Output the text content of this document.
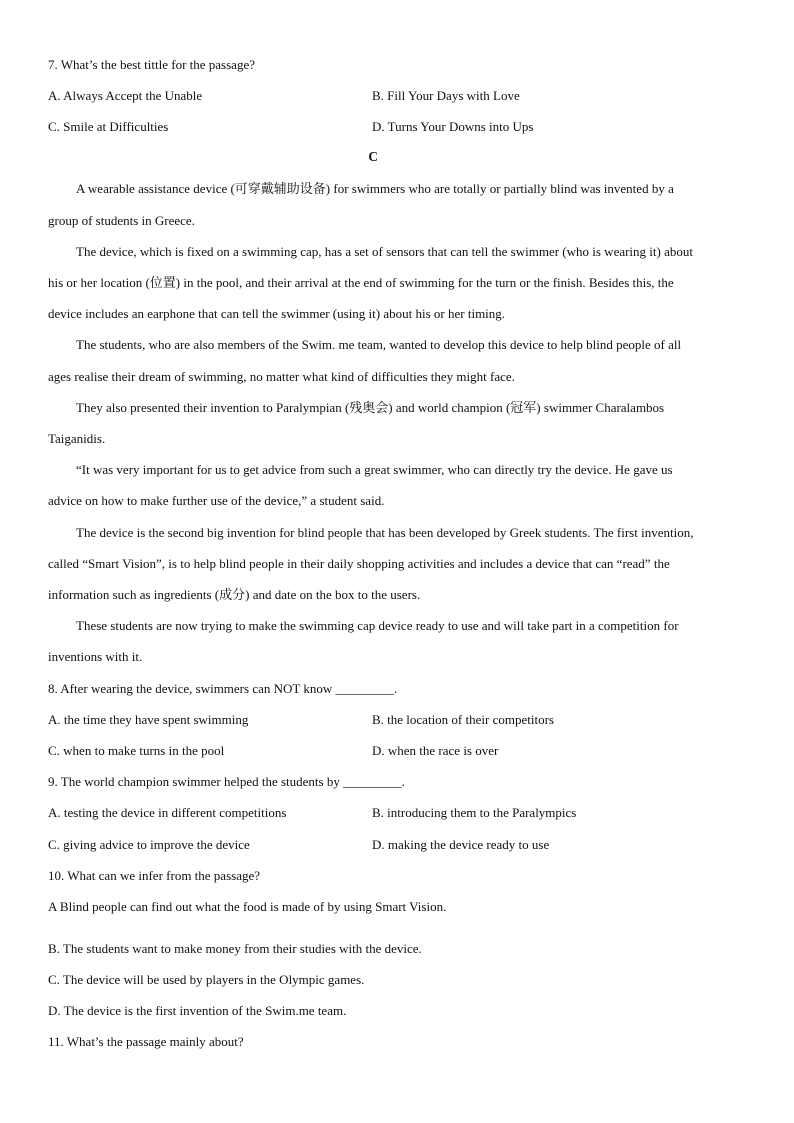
7. What’s the best tittle for the passage?
A. Always Accept the Unable	B. Fill Your Days with Love
C. Smile at Difficulties	D. Turns Your Downs into Ups
C
A wearable assistance device (可穿戴辅助设备) for swimmers who are totally or partially blind was invented by a
group of students in Greece.
The device, which is fixed on a swimming cap, has a set of sensors that can tell the swimmer (who is wearing it) about
his or her location (位置) in the pool, and their arrival at the end of swimming for the turn or the finish. Besides this, the
device includes an earphone that can tell the swimmer (using it) about his or her timing.
The students, who are also members of the Swim. me team, wanted to develop this device to help blind people of all
ages realise their dream of swimming, no matter what kind of difficulties they might face.
They also presented their invention to Paralympian (残奥会) and world champion (冠军) swimmer Charalambos
Taiganidis.
“It was very important for us to get advice from such a great swimmer, who can directly try the device. He gave us
advice on how to make further use of the device,” a student said.
The device is the second big invention for blind people that has been developed by Greek students. The first invention,
called “Smart Vision”, is to help blind people in their daily shopping activities and includes a device that can “read” the
information such as ingredients (成分) and date on the box to the users.
These students are now trying to make the swimming cap device ready to use and will take part in a competition for
inventions with it.
8. After wearing the device, swimmers can NOT know _________.
A. the time they have spent swimming	B. the location of their competitors
C. when to make turns in the pool	D. when the race is over
9. The world champion swimmer helped the students by _________.
A. testing the device in different competitions	B. introducing them to the Paralympics
C. giving advice to improve the device	D. making the device ready to use
10. What can we infer from the passage?
A Blind people can find out what the food is made of by using Smart Vision.
B. The students want to make money from their studies with the device.
C. The device will be used by players in the Olympic games.
D. The device is the first invention of the Swim.me team.
11. What’s the passage mainly about?
